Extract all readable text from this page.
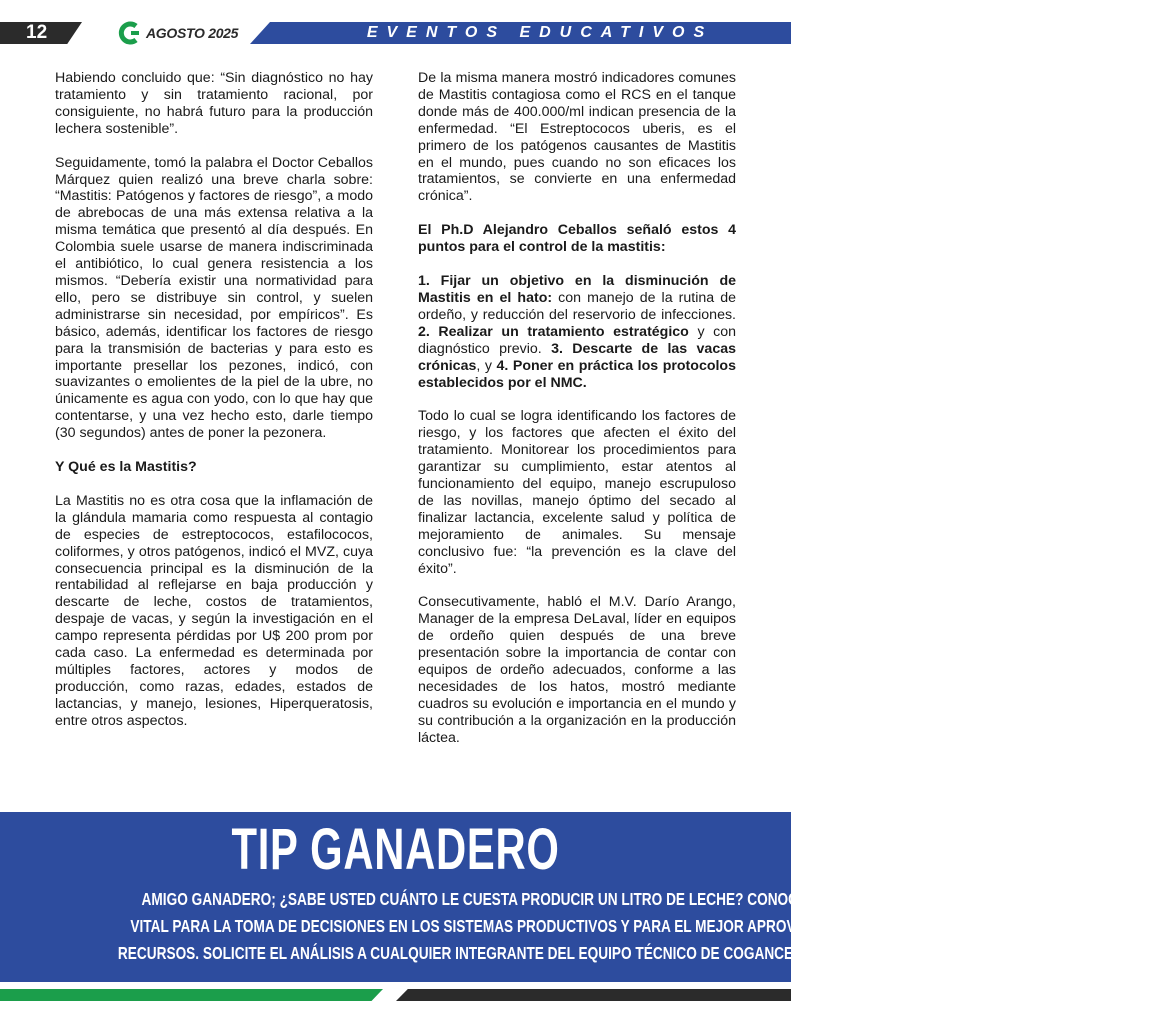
12	AGOSTO 2025	EVENTOS EDUCATIVOS

Habiendo concluido que: “Sin diagnóstico no hay tratamiento y sin tratamiento racional, por consiguiente, no habrá futuro para la producción lechera sostenible”.

Seguidamente, tomó la palabra el Doctor Ceballos Márquez quien realizó una breve charla sobre: “Mastitis: Patógenos y factores de riesgo”, a modo de abrebocas de una más extensa relativa a la misma temática que presentó al día después. En Colombia suele usarse de manera indiscriminada el antibiótico, lo cual genera resistencia a los mismos. “Debería existir una normatividad para ello, pero se distribuye sin control, y suelen administrarse sin necesidad, por empíricos”. Es básico, además, identificar los factores de riesgo para la transmisión de bacterias y para esto es importante presellar los pezones, indicó, con suavizantes o emolientes de la piel de la ubre, no únicamente es agua con yodo, con lo que hay que contentarse, y una vez hecho esto, darle tiempo (30 segundos) antes de poner la pezonera.

Y Qué es la Mastitis?

La Mastitis no es otra cosa que la inflamación de la glándula mamaria como respuesta al contagio de especies de estreptococos, estafilococos, coliformes, y otros patógenos, indicó el MVZ, cuya consecuencia principal es la disminución de la rentabilidad al reflejarse en baja producción y descarte de leche, costos de tratamientos, despaje de vacas, y según la investigación en el campo representa pérdidas por U$ 200 prom por cada caso. La enfermedad es determinada por múltiples factores, actores y modos de producción, como razas, edades, estados de lactancias, y manejo, lesiones, Hiperqueratosis, entre otros aspectos.

De la misma manera mostró indicadores comunes de Mastitis contagiosa como el RCS en el tanque donde más de 400.000/ml indican presencia de la enfermedad. “El Estreptococos uberis, es el primero de los patógenos causantes de Mastitis en el mundo, pues cuando no son eficaces los tratamientos, se convierte en una enfermedad crónica”.

El Ph.D Alejandro Ceballos señaló estos 4 puntos para el control de la mastitis:

1. Fijar un objetivo en la disminución de Mastitis en el hato: con manejo de la rutina de ordeño, y reducción del reservorio de infecciones. 2. Realizar un tratamiento estratégico y con diagnóstico previo. 3. Descarte de las vacas crónicas, y 4. Poner en práctica los protocolos establecidos por el NMC.

Todo lo cual se logra identificando los factores de riesgo, y los factores que afecten el éxito del tratamiento. Monitorear los procedimientos para garantizar su cumplimiento, estar atentos al funcionamiento del equipo, manejo escrupuloso de las novillas, manejo óptimo del secado al finalizar lactancia, excelente salud y política de mejoramiento de animales. Su mensaje conclusivo fue: “la prevención es la clave del éxito”.

Consecutivamente, habló el M.V. Darío Arango, Manager de la empresa DeLaval, líder en equipos de ordeño quien después de una breve presentación sobre la importancia de contar con equipos de ordeño adecuados, conforme a las necesidades de los hatos, mostró mediante cuadros su evolución e importancia en el mundo y su contribución a la organización en la producción láctea.

TIP GANADERO
AMIGO GANADERO; ¿SABE USTED CUÁNTO LE CUESTA PRODUCIR UN LITRO DE LECHE? CONOCER EL COSTO DE PRODUCCIÓN ES
VITAL PARA LA TOMA DE DECISIONES EN LOS SISTEMAS PRODUCTIVOS Y PARA EL MEJOR APROVECHAMIENTO DE LOS
RECURSOS. SOLICITE EL ANÁLISIS A CUALQUIER INTEGRANTE DEL EQUIPO TÉCNICO DE COGANCEVALLE.
